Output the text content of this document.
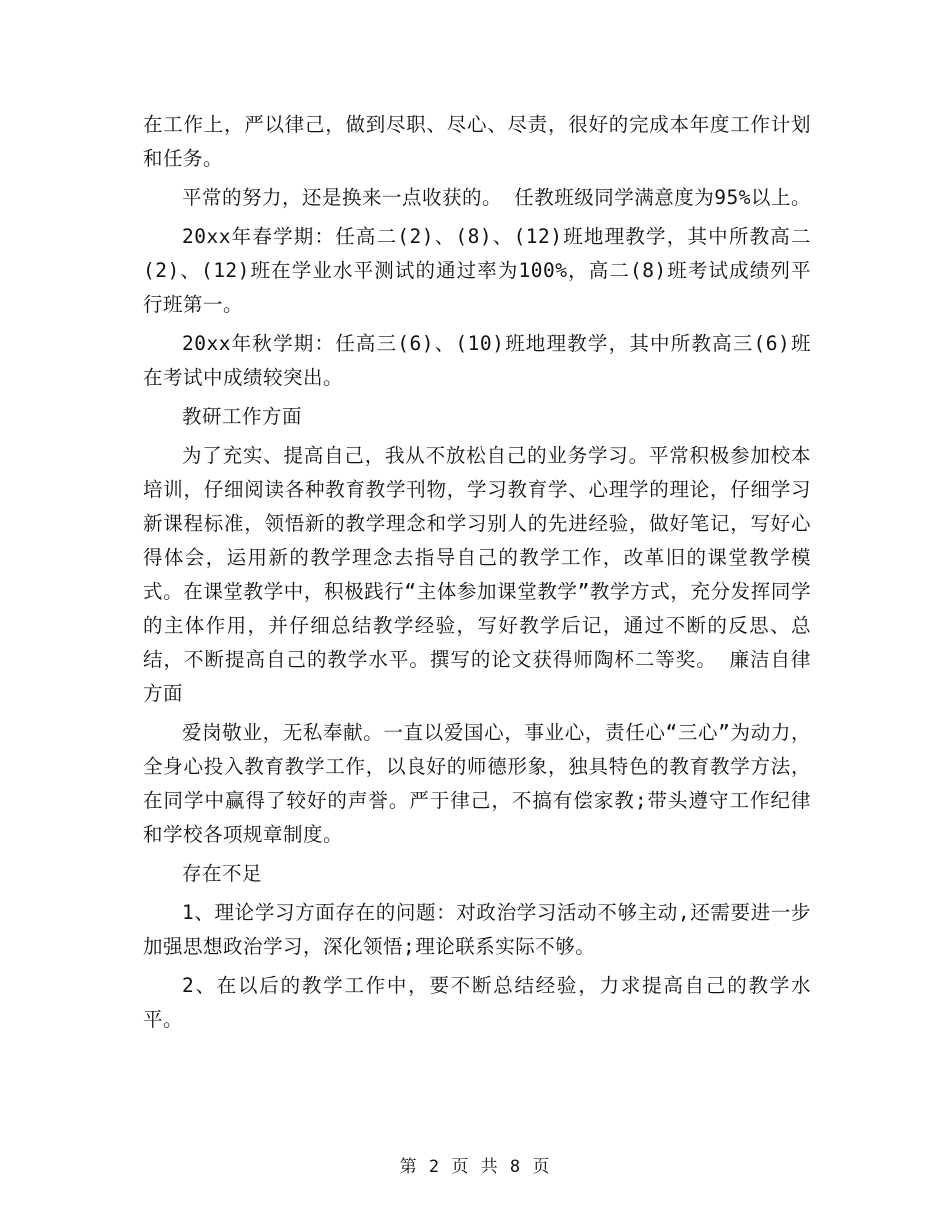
在工作上，严以律己，做到尽职、尽心、尽责，很好的完成本年度工作计划和任务。

平常的努力，还是换来一点收获的。 任教班级同学满意度为95%以上。

20xx年春学期：任高二(2)、(8)、(12)班地理教学，其中所教高二(2)、(12)班在学业水平测试的通过率为100%，高二(8)班考试成绩列平行班第一。

20xx年秋学期：任高三(6)、(10)班地理教学，其中所教高三(6)班在考试中成绩较突出。

教研工作方面

为了充实、提高自己，我从不放松自己的业务学习。平常积极参加校本培训，仔细阅读各种教育教学刊物，学习教育学、心理学的理论，仔细学习新课程标准，领悟新的教学理念和学习别人的先进经验，做好笔记，写好心得体会，运用新的教学理念去指导自己的教学工作，改革旧的课堂教学模式。在课堂教学中，积极践行“主体参加课堂教学”教学方式，充分发挥同学的主体作用，并仔细总结教学经验，写好教学后记，通过不断的反思、总结，不断提高自己的教学水平。撰写的论文获得师陶杯二等奖。 廉洁自律方面

爱岗敬业，无私奉献。一直以爱国心，事业心，责任心“三心”为动力，全身心投入教育教学工作，以良好的师德形象，独具特色的教育教学方法，在同学中赢得了较好的声誉。严于律己，不搞有偿家教;带头遵守工作纪律和学校各项规章制度。

存在不足

1、理论学习方面存在的问题：对政治学习活动不够主动,还需要进一步加强思想政治学习，深化领悟;理论联系实际不够。

2、在以后的教学工作中，要不断总结经验，力求提高自己的教学水平。

第 2 页 共 8 页
